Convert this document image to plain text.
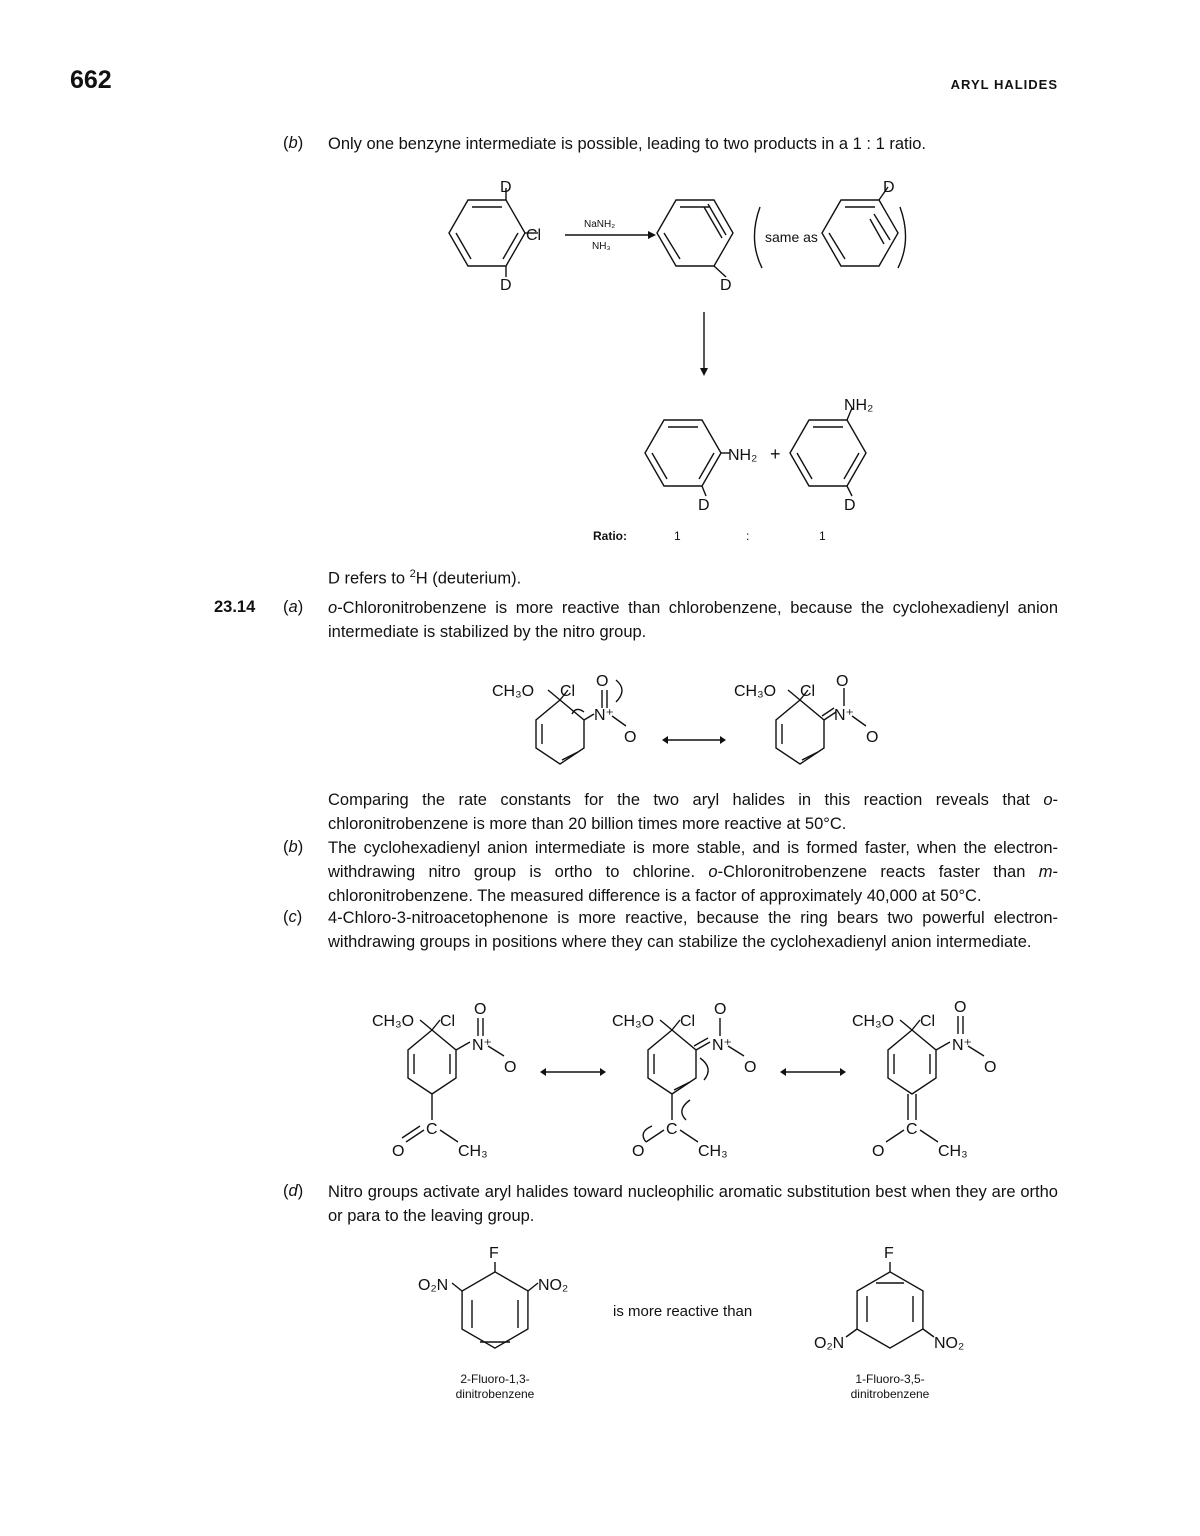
662	ARYL HALIDES
(b) Only one benzyne intermediate is possible, leading to two products in a 1 : 1 ratio.
D
D
Cl
D
D
same as
NH₂ +
D
NH₂
D
NaNH₂
NH₃
Ratio:	1	:	1
D refers to $^2$H (deuterium).
23.14 (a) o-Chloronitrobenzene is more reactive than chlorobenzene, because the cyclohexadienyl anion intermediate is stabilized by the nitro group.
CH₃O Cl
O
N⁺
O
CH₃O Cl
O
N⁺
O
Comparing the rate constants for the two aryl halides in this reaction reveals that o-chloronitrobenzene is more than 20 billion times more reactive at 50°C.
(b) The cyclohexadienyl anion intermediate is more stable, and is formed faster, when the electron-withdrawing nitro group is ortho to chlorine. o-Chloronitrobenzene reacts faster than m-chloronitrobenzene. The measured difference is a factor of approximately 40,000 at 50°C.
(c) 4-Chloro-3-nitroacetophenone is more reactive, because the ring bears two powerful electron-withdrawing groups in positions where they can stabilize the cyclohexadienyl anion intermediate.
CH₃O Cl
O
N⁺
O
C
O	CH₃
CH₃O Cl
O
N⁺
O
C
O	CH₃
CH₃O Cl
O
N⁺
O
C
O	CH₃
(d) Nitro groups activate aryl halides toward nucleophilic aromatic substitution best when they are ortho or para to the leaving group.
F
O₂N	NO₂
F
O₂N	NO₂
is more reactive than
2-Fluoro-1,3-
dinitrobenzene
1-Fluoro-3,5-
dinitrobenzene
